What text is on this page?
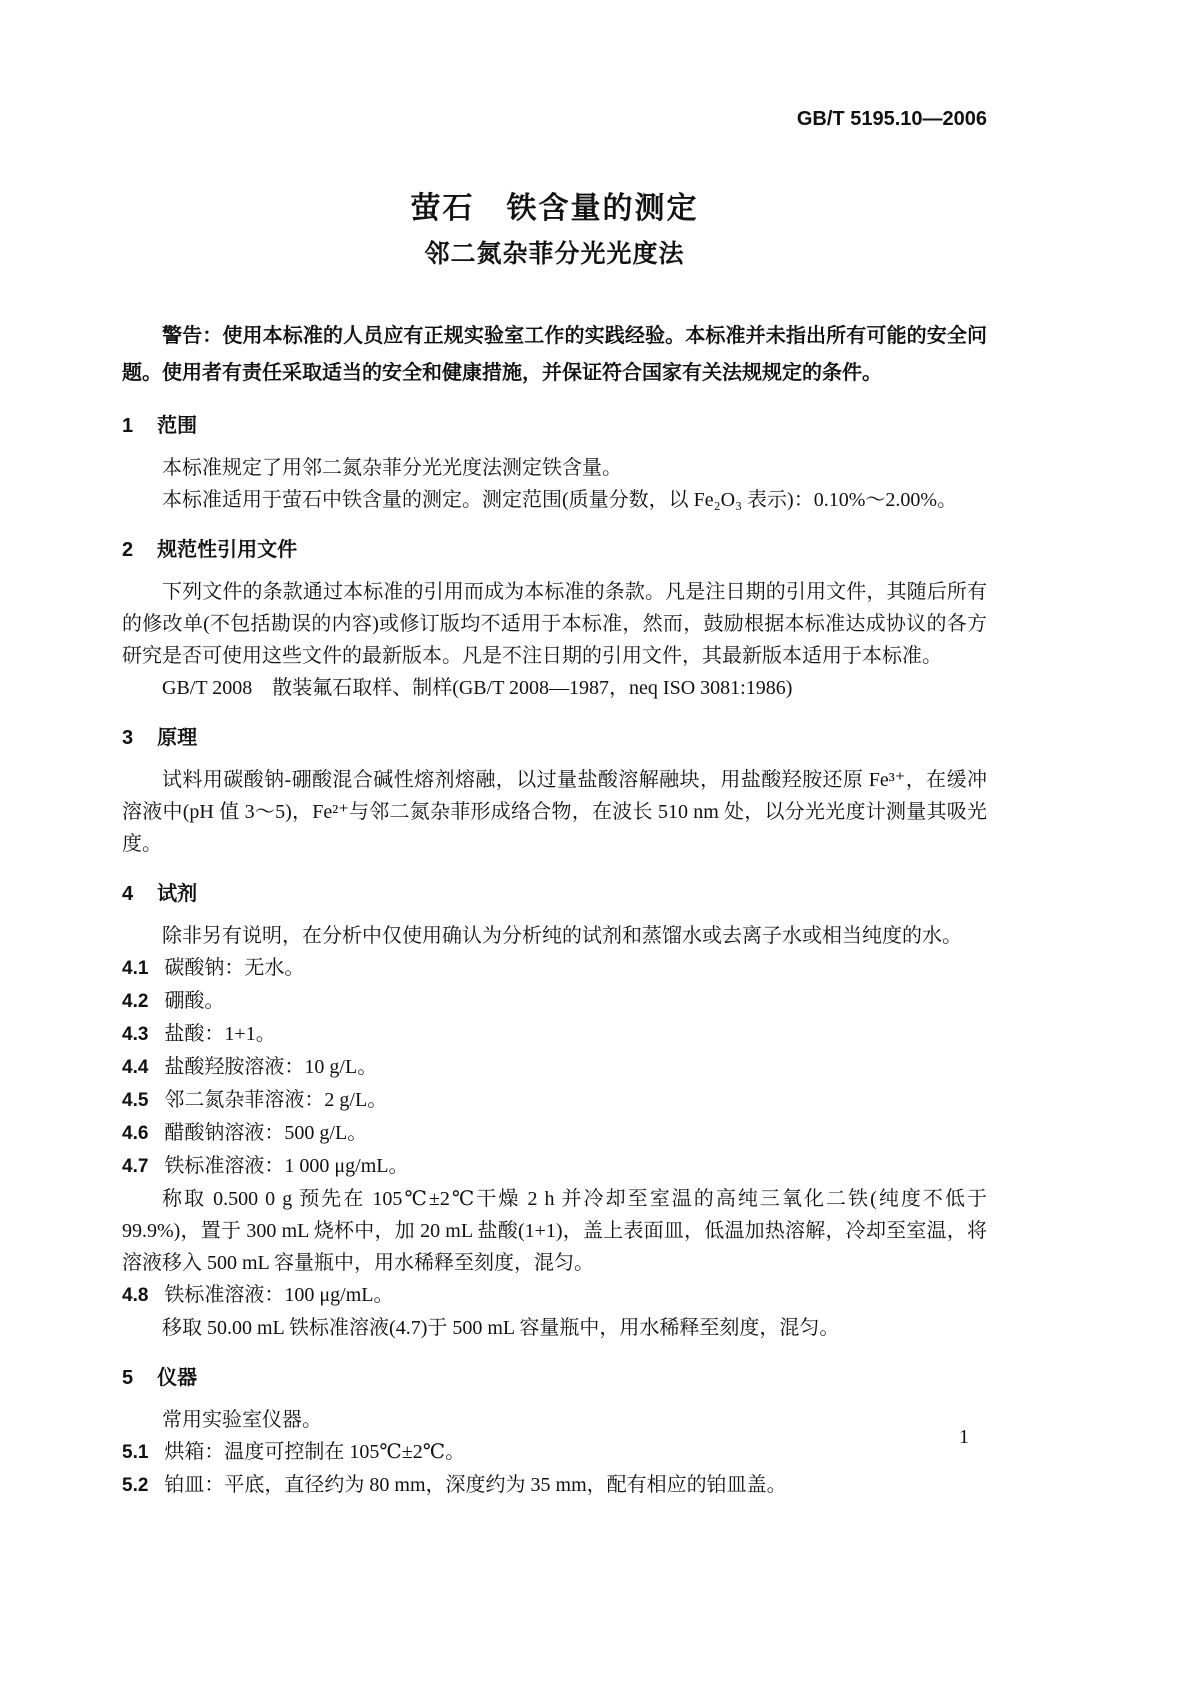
GB/T 5195.10—2006
萤石　铁含量的测定
邻二氮杂菲分光光度法

警告：使用本标准的人员应有正规实验室工作的实践经验。本标准并未指出所有可能的安全问题。使用者有责任采取适当的安全和健康措施，并保证符合国家有关法规规定的条件。

1 范围

本标准规定了用邻二氮杂菲分光光度法测定铁含量。

本标准适用于萤石中铁含量的测定。测定范围(质量分数，以 Fe₂O₃ 表示)：0.10%～2.00%。

2 规范性引用文件

下列文件的条款通过本标准的引用而成为本标准的条款。凡是注日期的引用文件，其随后所有的修改单(不包括勘误的内容)或修订版均不适用于本标准，然而，鼓励根据本标准达成协议的各方研究是否可使用这些文件的最新版本。凡是不注日期的引用文件，其最新版本适用于本标准。

GB/T 2008　散装氟石取样、制样(GB/T 2008—1987，neq ISO 3081:1986)

3 原理

试料用碳酸钠-硼酸混合碱性熔剂熔融，以过量盐酸溶解融块，用盐酸羟胺还原 Fe³⁺，在缓冲溶液中(pH 值 3～5)，Fe²⁺与邻二氮杂菲形成络合物，在波长 510 nm 处，以分光光度计测量其吸光度。

4 试剂

除非另有说明，在分析中仅使用确认为分析纯的试剂和蒸馏水或去离子水或相当纯度的水。

4.1 碳酸钠：无水。

4.2 硼酸。

4.3 盐酸：1+1。

4.4 盐酸羟胺溶液：10 g/L。

4.5 邻二氮杂菲溶液：2 g/L。

4.6 醋酸钠溶液：500 g/L。

4.7 铁标准溶液：1 000 μg/mL。

称取 0.500 0 g 预先在 105℃±2℃干燥 2 h 并冷却至室温的高纯三氧化二铁(纯度不低于99.9%)，置于 300 mL 烧杯中，加 20 mL 盐酸(1+1)，盖上表面皿，低温加热溶解，冷却至室温，将溶液移入 500 mL 容量瓶中，用水稀释至刻度，混匀。

4.8 铁标准溶液：100 μg/mL。

移取 50.00 mL 铁标准溶液(4.7)于 500 mL 容量瓶中，用水稀释至刻度，混匀。

5 仪器

常用实验室仪器。

5.1 烘箱：温度可控制在 105℃±2℃。

5.2 铂皿：平底，直径约为 80 mm，深度约为 35 mm，配有相应的铂皿盖。

1
